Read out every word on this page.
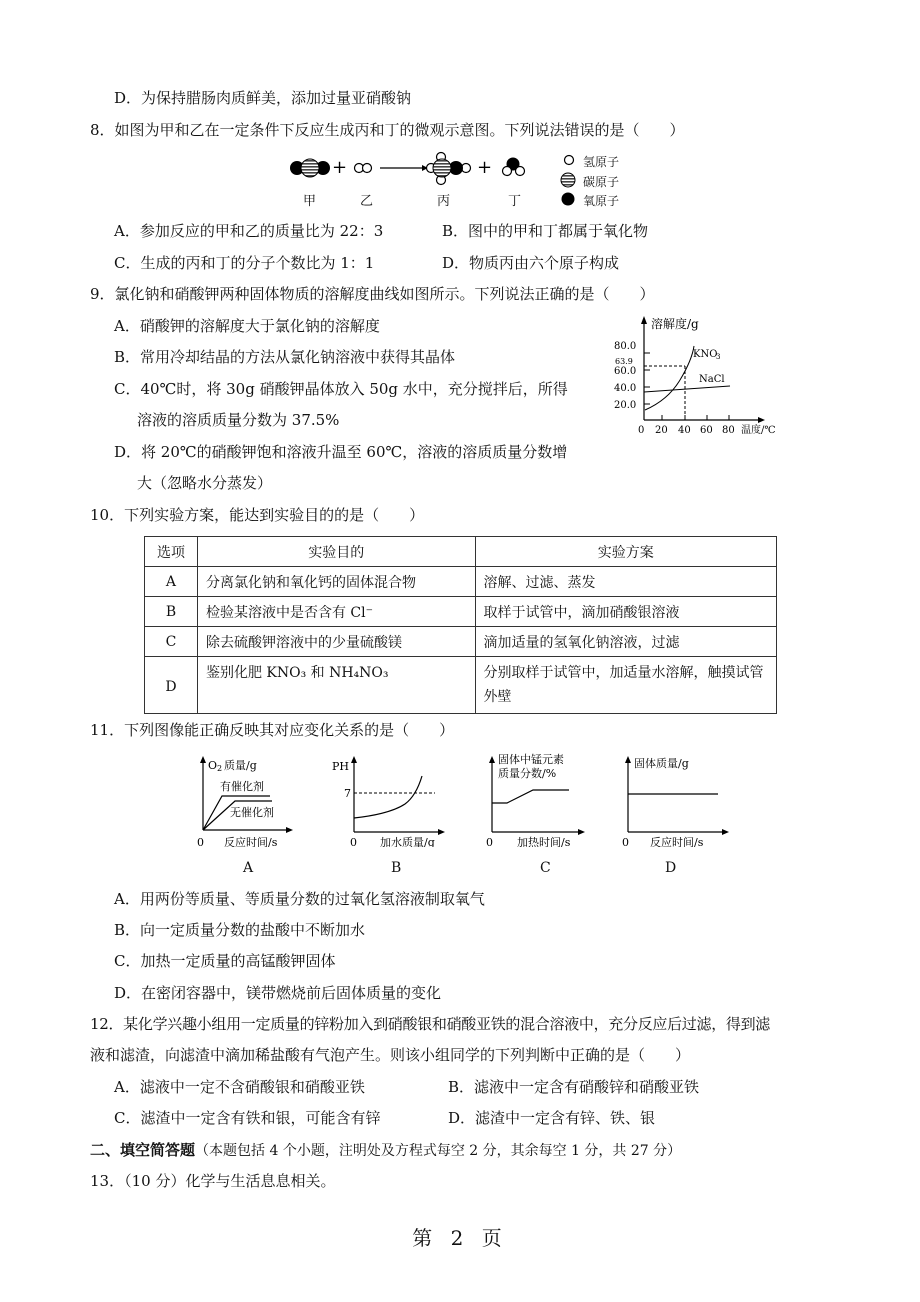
D．为保持腊肠肉质鲜美，添加过量亚硝酸钠
8．如图为甲和乙在一定条件下反应生成丙和丁的微观示意图。下列说法错误的是（　　）
+	+	氢原子
碳原子
氧原子
甲	乙	丙	丁
A．参加反应的甲和乙的质量比为 22：3	B．图中的甲和丁都属于氧化物
C．生成的丙和丁的分子个数比为 1：1	D．物质丙由六个原子构成
9．氯化钠和硝酸钾两种固体物质的溶解度曲线如图所示。下列说法正确的是（　　）
A．硝酸钾的溶解度大于氯化钠的溶解度
B．常用冷却结晶的方法从氯化钠溶液中获得其晶体
C．40℃时，将 30g 硝酸钾晶体放入 50g 水中，充分搅拌后，所得
溶液的溶质质量分数为 37.5%
D．将 20℃的硝酸钾饱和溶液升温至 60℃，溶液的溶质质量分数增
大（忽略水分蒸发）
溶解度/g
20.0
40.0
60.0
63.9
80.0
0 20 40 60 80 温度/℃
KNO
3
NaCl
10．下列实验方案，能达到实验目的的是（　　）
选项	实验目的	实验方案
A	分离氯化钠和氧化钙的固体混合物	溶解、过滤、蒸发
B	检验某溶液中是否含有 Cl⁻	取样于试管中，滴加硝酸银溶液
C	除去硫酸钾溶液中的少量硫酸镁	滴加适量的氢氧化钠溶液，过滤
D	鉴别化肥 KNO₃ 和 NH₄NO₃	分别取样于试管中，加适量水溶解，触摸试管外壁
11．下列图像能正确反映其对应变化关系的是（　　）
O 2 质量/g
有催化剂
无催化剂
0 反应时间/s
PH
7
0 加水质量/g
固体中锰元素
质量分数/%
0 加热时间/s
固体质量/g
0 反应时间/s
A	B	C	D
A．用两份等质量、等质量分数的过氧化氢溶液制取氧气
B．向一定质量分数的盐酸中不断加水
C．加热一定质量的高锰酸钾固体
D．在密闭容器中，镁带燃烧前后固体质量的变化
12．某化学兴趣小组用一定质量的锌粉加入到硝酸银和硝酸亚铁的混合溶液中，充分反应后过滤，得到滤
液和滤渣，向滤渣中滴加稀盐酸有气泡产生。则该小组同学的下列判断中正确的是（　　）
A．滤液中一定不含硝酸银和硝酸亚铁	B．滤液中一定含有硝酸锌和硝酸亚铁
C．滤渣中一定含有铁和银，可能含有锌	D．滤渣中一定含有锌、铁、银
二、填空简答题（本题包括 4 个小题，注明处及方程式每空 2 分，其余每空 1 分，共 27 分）
13．（10 分）化学与生活息息相关。
第 2 页
